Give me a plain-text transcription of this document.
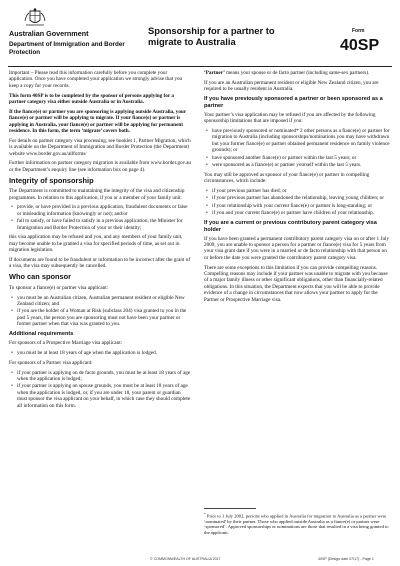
Australian Government
Department of Immigration and Border Protection
Sponsorship for a partner to migrate to Australia
Form
40SP

Important – Please read this information carefully before you complete your application. Once you have completed your application we strongly advise that you keep a copy for your records.

This form 40SP is to be completed by the sponsor of persons applying for a partner category visa either outside Australia or in Australia.

If the fiance(e) or partner you are sponsoring is applying outside Australia, your fiance(e) or partner will be applying to migrate. If your fiance(e) or partner is applying in Australia, your fiance(e) or partner will be applying for permanent residence. In this form, the term ‘migrate’ covers both.

For details on partner category visa processing, see booklet 1, Partner Migration, which is available on the Department of Immigration and Border Protection (the Department) website www.border.gov.au/allforms/

Further information on partner category migration is available from www.border.gov.au or the Department’s enquiry line (see information box on page 4).

Integrity of sponsorship

The Department is committed to maintaining the integrity of the visa and citizenship programmes. In relation to this application, if you or a member of your family unit:

• provide, or have provided in a previous application, fraudulent documents or false or misleading information (knowingly or not); and/or
• fail to satisfy, or have failed to satisfy in a previous application, the Minister for Immigration and Border Protection of your or their identity;

this visa application may be refused and you, and any members of your family unit, may become unable to be granted a visa for specified periods of time, as set out in migration legislation.

If documents are found to be fraudulent or information to be incorrect after the grant of a visa, the visa may subsequently be cancelled.

Who can sponsor

To sponsor a fiance(e) or partner visa applicant:

• you must be an Australian citizen, Australian permanent resident or eligible New Zealand citizen; and
• if you are the holder of a Woman at Risk (subclass 204) visa granted to you in the past 5 years, the person you are sponsoring must not have been your partner or former partner when that visa was granted to you.
Additional requirements

For sponsors of a Prospective Marriage visa applicant:

• you must be at least 18 years of age when the application is lodged.

For sponsors of a Partner visa applicant:

• if your partner is applying on de facto grounds, you must be at least 18 years of age when the application is lodged;
• if your partner is applying on spouse grounds, you must be at least 18 years of age when the application is lodged, or, if you are under 18, your parent or guardian must sponsor the visa applicant on your behalf, in which case they should complete all information on this form.

‘Partner’ means your spouse or de facto partner (including same-sex partners).

If you are an Australian permanent resident or eligible New Zealand citizen, you are required to be usually resident in Australia.

If you have previously sponsored a partner or been sponsored as a partner

Your partner’s visa application may be refused if you are affected by the following sponsorship limitations that are imposed if you:

• have previously sponsored or nominated* 2 other persons as a fiance(e) or partner for migration to Australia (including sponsorships/nominations you may have withdrawn but your former fiance(e) or partner obtained permanent residence on family violence grounds); or
• have sponsored another fiance(e) or partner within the last 5 years; or
• were sponsored as a fiance(e) or partner yourself within the last 5 years.

You may still be approved as sponsor of your fiance(e) or partner in compelling circumstances, which include:

• if your previous partner has died; or
• if your previous partner has abandoned the relationship, leaving young children; or
• if your relationship with your current fiance(e) or partner is long-standing; or
• if you and your current fiance(e) or partner have children of your relationship.
If you are a current or previous contributory parent category visa holder

If you have been granted a permanent contributory parent category visa on or after 1 July 2009, you are unable to sponsor a person for a partner or fiance(e) visa for 5 years from your visa grant date if you were in a married or de facto relationship with that person on or before the date you were granted the contributory parent category visa.

There are some exceptions to this limitation if you can provide compelling reasons. Compelling reasons may include if your partner was unable to migrate with you because of a major family illness or other significant obligations, other than financially-related obligations. In this situation, the Department expects that you will be able to provide evidence of a change in circumstances that now allows your partner to apply for the Partner or Prospective Marriage visa.

* Prior to 1 July 2002, persons who applied in Australia for migration to Australia as a partner were ‘nominated’ by their partner. Those who applied outside Australia as a fiance(e) or partner were ‘sponsored’. Approved sponsorships or nominations are those that resulted in a visa being granted to the applicant.
© COMMONWEALTH OF AUSTRALIA 2017	40SP (Design date 07/17) - Page 1
